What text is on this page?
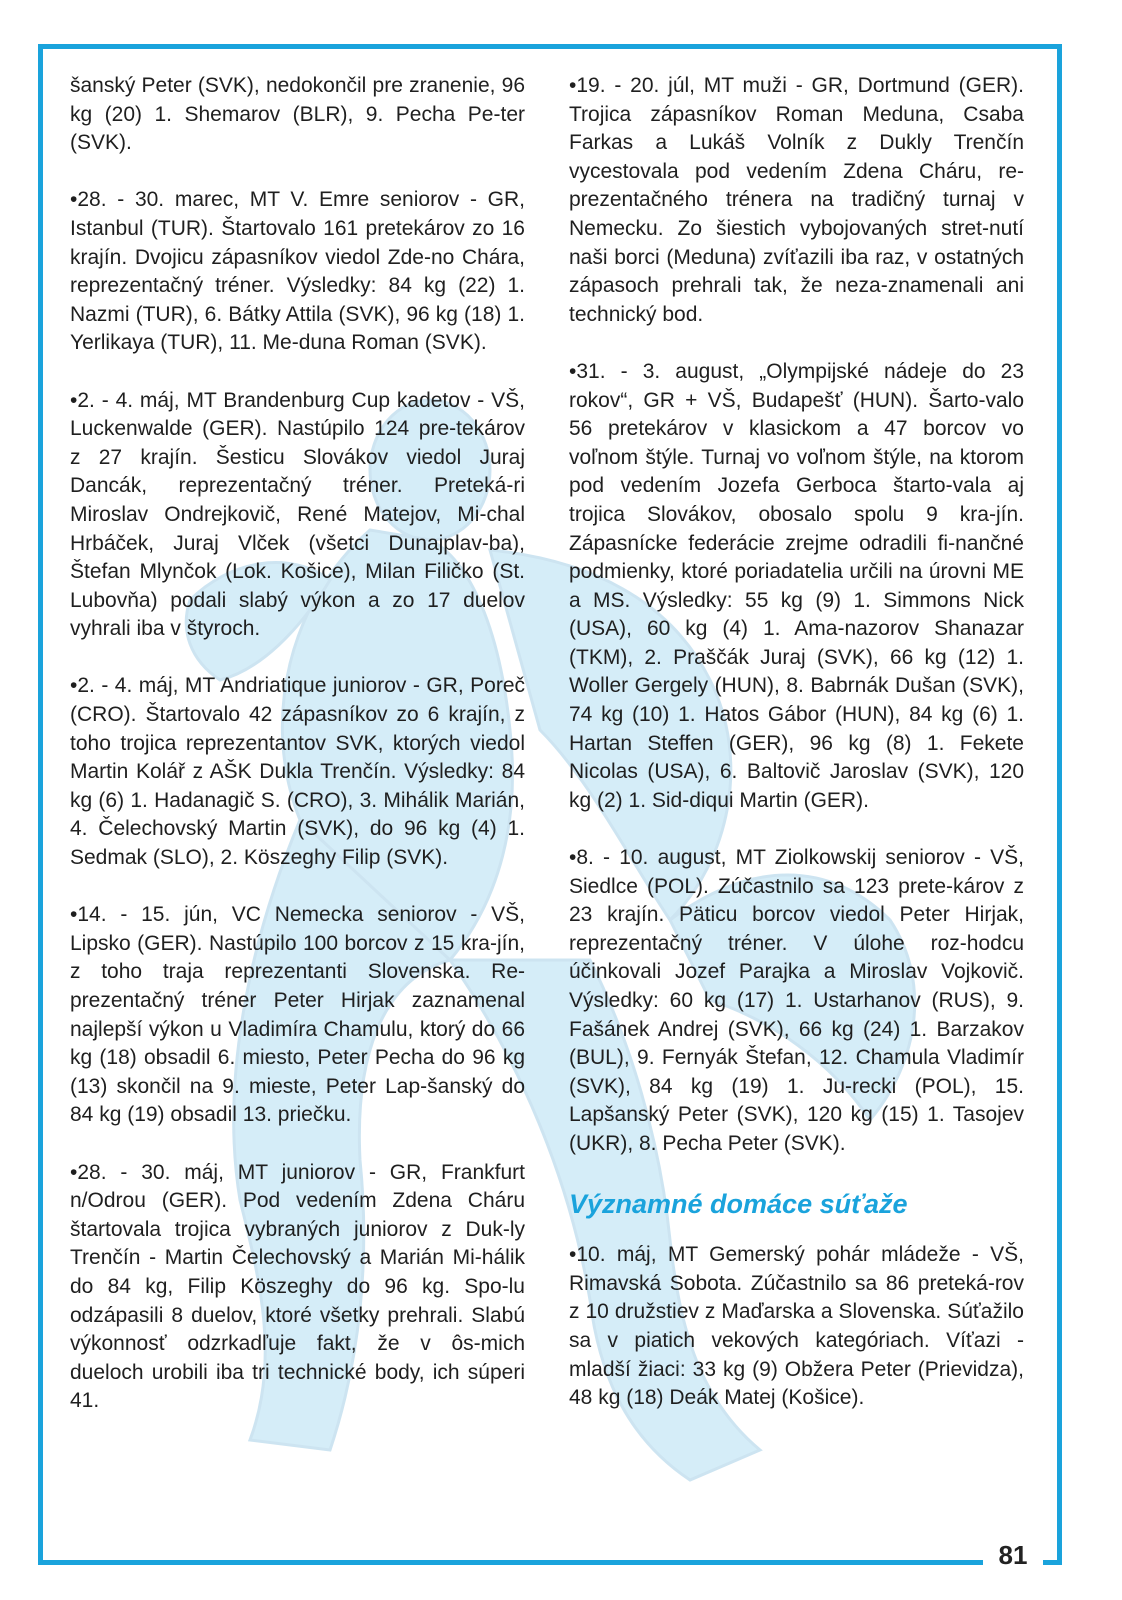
81

šanský Peter (SVK), nedokončil pre zranenie, 96 kg (20) 1. Shemarov (BLR), 9. Pecha Pe-ter (SVK).

•28. - 30. marec, MT V. Emre seniorov - GR, Istanbul (TUR). Štartovalo 161 pretekárov zo 16 krajín. Dvojicu zápasníkov viedol Zde-no Chára, reprezentačný tréner. Výsledky: 84 kg (22) 1. Nazmi (TUR), 6. Bátky Attila (SVK), 96 kg (18) 1. Yerlikaya (TUR), 11. Me-duna Roman (SVK).

•2. - 4. máj, MT Brandenburg Cup kadetov - VŠ, Luckenwalde (GER). Nastúpilo 124 pre-tekárov z 27 krajín. Šesticu Slovákov viedol Juraj Dancák, reprezentačný tréner. Preteká-ri Miroslav Ondrejkovič, René Matejov, Mi-chal Hrbáček, Juraj Vlček (všetci Dunajplav-ba), Štefan Mlynčok (Lok. Košice), Milan Filičko (St. Lubovňa) podali slabý výkon a zo 17 duelov vyhrali iba v štyroch.

•2. - 4. máj, MT Andriatique juniorov - GR, Poreč (CRO). Štartovalo 42 zápasníkov zo 6 krajín, z toho trojica reprezentantov SVK, ktorých viedol Martin Kolář z AŠK Dukla Trenčín. Výsledky: 84 kg (6) 1. Hadanagič S. (CRO), 3. Mihálik Marián, 4. Čelechovský Martin (SVK), do 96 kg (4) 1. Sedmak (SLO), 2. Köszeghy Filip (SVK).

•14. - 15. jún, VC Nemecka seniorov - VŠ, Lipsko (GER). Nastúpilo 100 borcov z 15 kra-jín, z toho traja reprezentanti Slovenska. Re-prezentačný tréner Peter Hirjak zaznamenal najlepší výkon u Vladimíra Chamulu, ktorý do 66 kg (18) obsadil 6. miesto, Peter Pecha do 96 kg (13) skončil na 9. mieste, Peter Lap-šanský do 84 kg (19) obsadil 13. priečku.

•28. - 30. máj, MT juniorov - GR, Frankfurt n/Odrou (GER). Pod vedením Zdena Cháru štartovala trojica vybraných juniorov z Duk-ly Trenčín - Martin Čelechovský a Marián Mi-hálik do 84 kg, Filip Köszeghy do 96 kg. Spo-lu odzápasili 8 duelov, ktoré všetky prehrali. Slabú výkonnosť odzrkadľuje fakt, že v ôs-mich dueloch urobili iba tri technické body, ich súperi 41.

•19. - 20. júl, MT muži - GR, Dortmund (GER). Trojica zápasníkov Roman Meduna, Csaba Farkas a Lukáš Volník z Dukly Trenčín vycestovala pod vedením Zdena Cháru, re-prezentačného trénera na tradičný turnaj v Nemecku. Zo šiestich vybojovaných stret-nutí naši borci (Meduna) zvíťazili iba raz, v ostatných zápasoch prehrali tak, že neza-znamenali ani technický bod.

•31. - 3. august, „Olympijské nádeje do 23 rokov“, GR + VŠ, Budapešť (HUN). Šarto-valo 56 pretekárov v klasickom a 47 borcov vo voľnom štýle. Turnaj vo voľnom štýle, na ktorom pod vedením Jozefa Gerboca štarto-vala aj trojica Slovákov, obosalo spolu 9 kra-jín. Zápasnícke federácie zrejme odradili fi-nančné podmienky, ktoré poriadatelia určili na úrovni ME a MS. Výsledky: 55 kg (9) 1. Simmons Nick (USA), 60 kg (4) 1. Ama-nazorov Shanazar (TKM), 2. Praščák Juraj (SVK), 66 kg (12) 1. Woller Gergely (HUN), 8. Babrnák Dušan (SVK), 74 kg (10) 1. Hatos Gábor (HUN), 84 kg (6) 1. Hartan Steffen (GER), 96 kg (8) 1. Fekete Nicolas (USA), 6. Baltovič Jaroslav (SVK), 120 kg (2) 1. Sid-diqui Martin (GER).

•8. - 10. august, MT Ziolkowskij seniorov - VŠ, Siedlce (POL). Zúčastnilo sa 123 prete-károv z 23 krajín. Päticu borcov viedol Peter Hirjak, reprezentačný tréner. V úlohe roz-hodcu účinkovali Jozef Parajka a Miroslav Vojkovič. Výsledky: 60 kg (17) 1. Ustarhanov (RUS), 9. Fašánek Andrej (SVK), 66 kg (24) 1. Barzakov (BUL), 9. Fernyák Štefan, 12. Chamula Vladimír (SVK), 84 kg (19) 1. Ju-recki (POL), 15. Lapšanský Peter (SVK), 120 kg (15) 1. Tasojev (UKR), 8. Pecha Peter (SVK).

Významné domáce súťaže

•10. máj, MT Gemerský pohár mládeže - VŠ, Rimavská Sobota. Zúčastnilo sa 86 preteká-rov z 10 družstiev z Maďarska a Slovenska. Súťažilo sa v piatich vekových kategóriach. Víťazi - mladší žiaci: 33 kg (9) Obžera Peter (Prievidza), 48 kg (18) Deák Matej (Košice).
